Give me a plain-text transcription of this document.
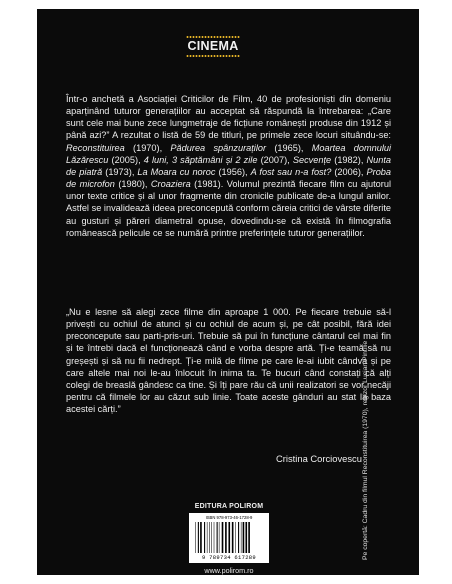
CINEMA

Într-o anchetă a Asociației Criticilor de Film, 40 de profesioniști din domeniu aparținând tuturor generațiilor au acceptat să răspundă la întrebarea: „Care sunt cele mai bune zece lungmetraje de ficțiune românești produse din 1912 și până azi?” A rezultat o listă de 59 de titluri, pe primele zece locuri situându-se: Reconstituirea (1970), Pădurea spânzuraților (1965), Moartea domnului Lăzărescu (2005), 4 luni, 3 săptămâni și 2 zile (2007), Secvențe (1982), Nunta de piatră (1973), La Moara cu noroc (1956), A fost sau n-a fost? (2006), Proba de microfon (1980), Croaziera (1981). Volumul prezintă fiecare film cu ajutorul unor texte critice și al unor fragmente din cronicile publicate de-a lungul anilor. Astfel se invalidează ideea preconcepută conform căreia critici de vârste diferite au gusturi și păreri diametral opuse, dovedindu-se că există în filmografia românească pelicule ce se numără printre preferințele tuturor generațiilor.

„Nu e lesne să alegi zece filme din aproape 1 000. Pe fiecare trebuie să-l privești cu ochiul de atunci și cu ochiul de acum și, pe cât posibil, fără idei preconcepute sau parti-pris-uri. Trebuie să pui în funcțiune cântarul cel mai fin și te întrebi dacă el funcționează când e vorba despre artă. Ți-e teamă să nu greșești și să nu fii nedrept. Ți-e milă de filme pe care le-ai iubit cândva și pe care altele mai noi le-au înlocuit în inima ta. Te bucuri când constați că alți colegi de breaslă gândesc ca tine. Și îți pare rău că unii realizatori se vor necăji pentru că filmele lor au căzut sub linie. Toate aceste gânduri au stat la baza acestei cărți.”

Cristina Corciovescu
EDITURA POLIROM
ISBN 978-973-46-1728-9
9 789734 617289
www.polirom.ro
Pe copertă: Cadru din filmul Reconstituirea (1970), regizor Lucian Pintilie
